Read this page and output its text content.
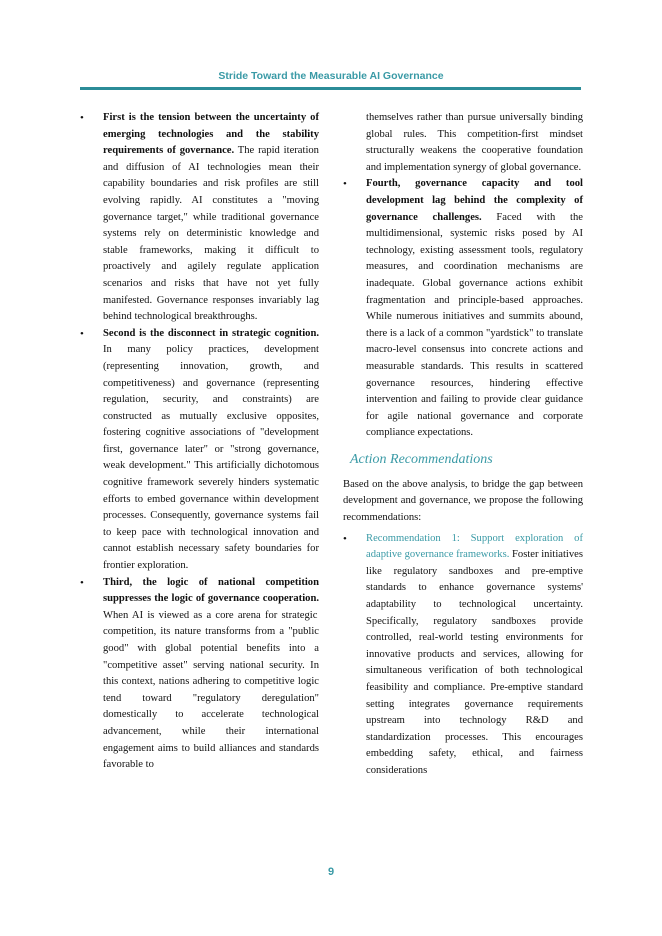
Stride Toward the Measurable AI Governance
• First is the tension between the uncertainty of emerging technologies and the stability requirements of governance. The rapid iteration and diffusion of AI technologies mean their capability boundaries and risk profiles are still evolving rapidly. AI constitutes a "moving governance target," while traditional governance systems rely on deterministic knowledge and stable frameworks, making it difficult to proactively and agilely regulate application scenarios and risks that have not yet fully manifested. Governance responses invariably lag behind technological breakthroughs.
• Second is the disconnect in strategic cognition. In many policy practices, development (representing innovation, growth, and competitiveness) and governance (representing regulation, security, and constraints) are constructed as mutually exclusive opposites, fostering cognitive associations of "development first, governance later" or "strong governance, weak development." This artificially dichotomous cognitive framework severely hinders systematic efforts to embed governance within development processes. Consequently, governance systems fail to keep pace with technological innovation and cannot establish necessary safety boundaries for frontier exploration.
• Third, the logic of national competition suppresses the logic of governance cooperation. When AI is viewed as a core arena for strategic competition, its nature transforms from a "public good" with global potential benefits into a "competitive asset" serving national security. In this context, nations adhering to competitive logic tend toward "regulatory deregulation" domestically to accelerate technological advancement, while their international engagement aims to build alliances and standards favorable to
themselves rather than pursue universally binding global rules. This competition-first mindset structurally weakens the cooperative foundation and implementation synergy of global governance.
• Fourth, governance capacity and tool development lag behind the complexity of governance challenges. Faced with the multidimensional, systemic risks posed by AI technology, existing assessment tools, regulatory measures, and coordination mechanisms are inadequate. Global governance actions exhibit fragmentation and principle-based approaches. While numerous initiatives and summits abound, there is a lack of a common "yardstick" to translate macro-level consensus into concrete actions and measurable standards. This results in scattered governance resources, hindering effective intervention and failing to provide clear guidance for agile national governance and corporate compliance expectations.
Action Recommendations
Based on the above analysis, to bridge the gap between development and governance, we propose the following recommendations:
• Recommendation 1: Support exploration of adaptive governance frameworks. Foster initiatives like regulatory sandboxes and pre-emptive standards to enhance governance systems' adaptability to technological uncertainty. Specifically, regulatory sandboxes provide controlled, real-world testing environments for innovative products and services, allowing for simultaneous verification of both technological feasibility and compliance. Pre-emptive standard setting integrates governance requirements upstream into technology R&D and standardization processes. This encourages embedding safety, ethical, and fairness considerations
9
